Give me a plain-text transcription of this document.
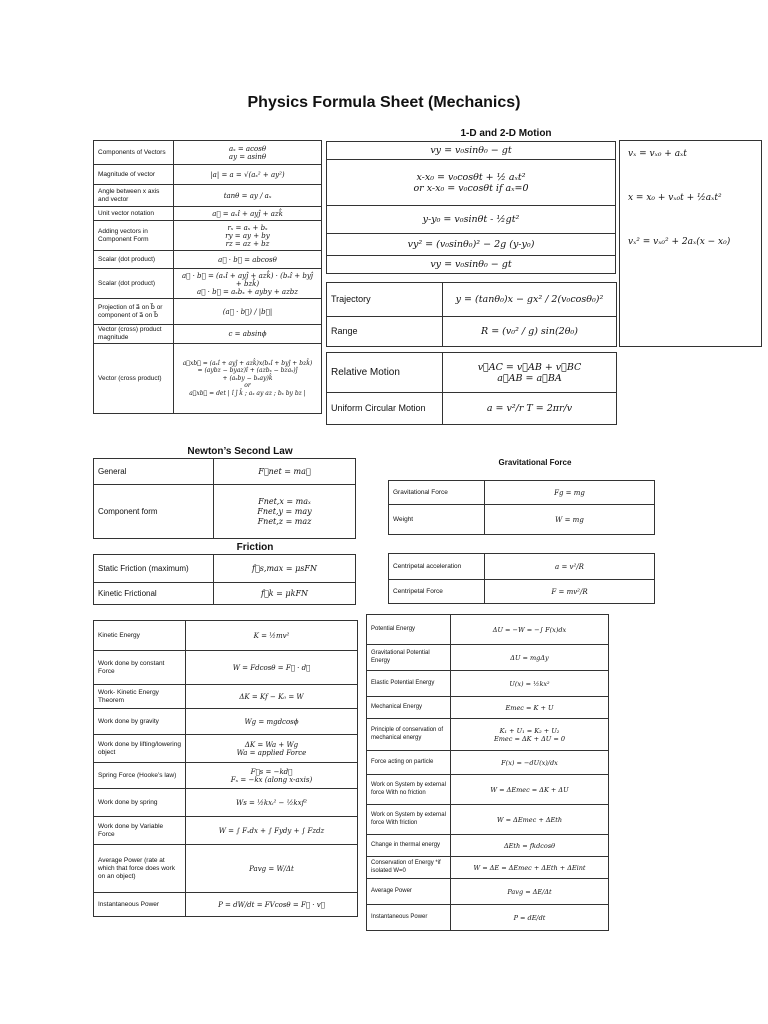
Physics Formula Sheet (Mechanics)
Components of Vectors	aₓ = acosθ
ay = asinθ
Magnitude of vector	|a| = a = √(aₓ² + ay²)
Angle between x axis and vector	tanθ = ay / aₓ
Unit vector notation	a⃗ = aₓî + ayĵ + azk̂
Adding vectors in Component Form	rₓ = aₓ + bₓ
ry = ay + by
rz = az + bz
Scalar (dot product)	a⃗ · b⃗ = abcosθ
Scalar (dot product)	a⃗ · b⃗ = (aₓî + ayĵ + azk̂) · (bₓî + byĵ + bzk̂)
a⃗ · b⃗ = aₓbₓ + ayby + azbz
Projection of a⃗ on b⃗ or component of a⃗ on b⃗	(a⃗ · b⃗) / |b⃗|
Vector (cross) product magnitude	c = absinϕ
Vector (cross product)	a⃗xb⃗ = (aₓî + ayĵ + azk̂)x(bₓî + byĵ + bzk̂)
= (aybz − byaz)î + (azbₓ − bzaₓ)ĵ
+ (aₓby − bₓay)k̂
or
a⃗xb⃗ = det | î ĵ k̂ ; aₓ ay az ; bₓ by bz |
1-D and 2-D Motion
vy = v₀sinθ₀ − gt
x-x₀ = v₀cosθt + ½ aₓt²
or x-x₀ = v₀cosθt if aₓ=0
y-y₀ = v₀sinθt - ½gt²
vy² = (v₀sinθ₀)² − 2g (y-y₀)
vy = v₀sinθ₀ − gt
Trajectory	y = (tanθ₀)x − gx² / 2(v₀cosθ₀)²
Range	R = (v₀² / g) sin(2θ₀)
vₓ = vₓ₀ + aₓt
x = x₀ + vₓ₀t + ½aₓt²
vₓ² = vₓ₀² + 2aₓ(x − x₀)
Relative Motion	v⃗AC = v⃗AB + v⃗BC
a⃗AB = a⃗BA
Uniform Circular Motion	a = v²/r T = 2πr/v
Newton’s Second Law
General	F⃗net = ma⃗
Component form	Fnet,x = maₓ
Fnet,y = may
Fnet,z = maz
Friction
Static Friction (maximum)	f⃗s,max = μsFN
Kinetic Frictional	f⃗k = μkFN
Gravitational Force
Gravitational Force	Fg = mg
Weight	W = mg
Centripetal acceleration	a = v²/R
Centripetal Force	F = mv²/R
Kinetic Energy	K = ½mv²
Work done by constant Force	W = Fdcosθ = F⃗ · d⃗
Work- Kinetic Energy Theorem	ΔK = Kf − K₀ = W
Work done by gravity	Wg = mgdcosϕ
Work done by lifting/lowering object	ΔK = Wa + Wg
Wa = applied Force
Spring Force (Hooke’s law)	F⃗s = −kd⃗
Fₓ = −kx (along x-axis)
Work done by spring	Ws = ½kxᵢ² − ½kxf²
Work done by Variable Force	W = ∫ Fₓdx + ∫ Fydy + ∫ Fzdz
Average Power (rate at which that force does work on an object)	Pavg = W/Δt
Instantaneous Power	P = dW/dt = FVcosθ = F⃗ · v⃗
Potential Energy	ΔU = −W = −∫ F(x)dx
Gravitational Potential Energy	ΔU = mgΔy
Elastic Potential Energy	U(x) = ½kx²
Mechanical Energy	Emec = K + U
Principle of conservation of mechanical energy	K₁ + U₁ = K₂ + U₂
Emec = ΔK + ΔU = 0
Force acting on particle	F(x) = −dU(x)/dx
Work on System by external force With no friction	W = ΔEmec = ΔK + ΔU
Work on System by external force With friction	W = ΔEmec + ΔEth
Change in thermal energy	ΔEth = fkdcosθ
Conservation of Energy *if isolated W=0	W = ΔE = ΔEmec + ΔEth + ΔEint
Average Power	Pavg = ΔE/Δt
Instantaneous Power	P = dE/dt
